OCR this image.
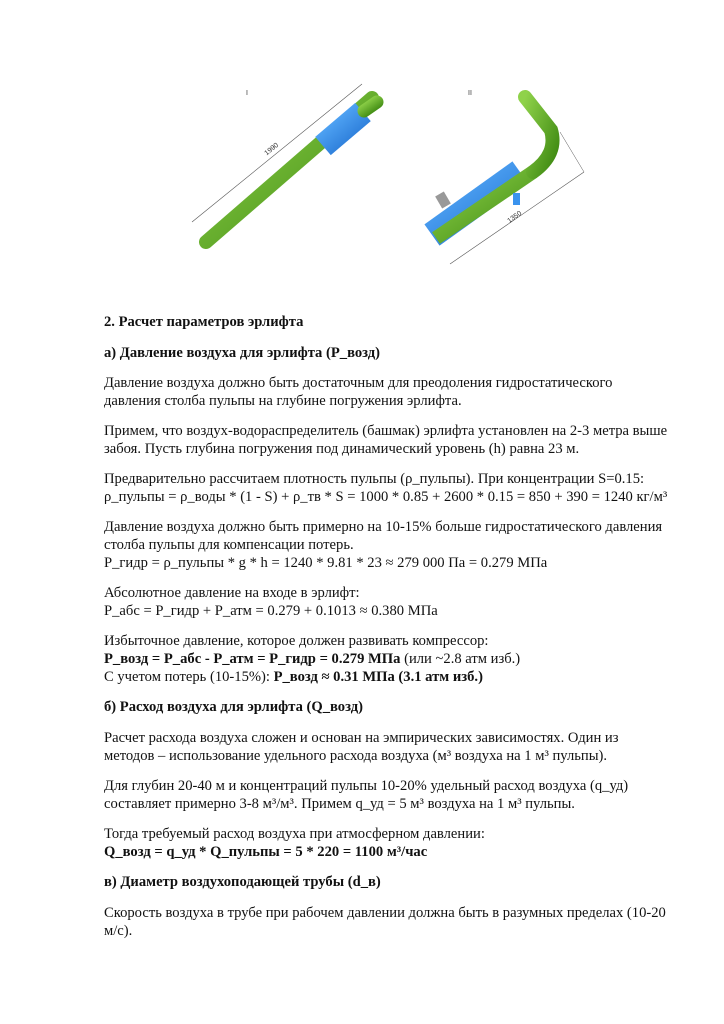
I	II
1990
1350
2. Расчет параметров эрлифта
а) Давление воздуха для эрлифта (P_возд)
Давление воздуха должно быть достаточным для преодоления гидростатического
давления столба пульпы на глубине погружения эрлифта.
Примем, что воздух-водораспределитель (башмак) эрлифта установлен на 2-3 метра выше
забоя. Пусть глубина погружения под динамический уровень (h) равна 23 м.
Предварительно рассчитаем плотность пульпы (ρ_пульпы). При концентрации S=0.15:
ρ_пульпы = ρ_воды * (1 - S) + ρ_тв * S = 1000 * 0.85 + 2600 * 0.15 = 850 + 390 = 1240 кг/м³
Давление воздуха должно быть примерно на 10-15% больше гидростатического давления
столба пульпы для компенсации потерь.
P_гидр = ρ_пульпы * g * h = 1240 * 9.81 * 23 ≈ 279 000 Па = 0.279 МПа
Абсолютное давление на входе в эрлифт:
P_абс = P_гидр + P_атм = 0.279 + 0.1013 ≈ 0.380 МПа
Избыточное давление, которое должен развивать компрессор:
P_возд = P_абс - P_атм = P_гидр = 0.279 МПа (или ~2.8 атм изб.)
С учетом потерь (10-15%): P_возд ≈ 0.31 МПа (3.1 атм изб.)
б) Расход воздуха для эрлифта (Q_возд)
Расчет расхода воздуха сложен и основан на эмпирических зависимостях. Один из
методов – использование удельного расхода воздуха (м³ воздуха на 1 м³ пульпы).
Для глубин 20-40 м и концентраций пульпы 10-20% удельный расход воздуха (q_уд)
составляет примерно 3-8 м³/м³. Примем q_уд = 5 м³ воздуха на 1 м³ пульпы.
Тогда требуемый расход воздуха при атмосферном давлении:
Q_возд = q_уд * Q_пульпы = 5 * 220 = 1100 м³/час
в) Диаметр воздухоподающей трубы (d_в)
Скорость воздуха в трубе при рабочем давлении должна быть в разумных пределах (10-20
м/с).
